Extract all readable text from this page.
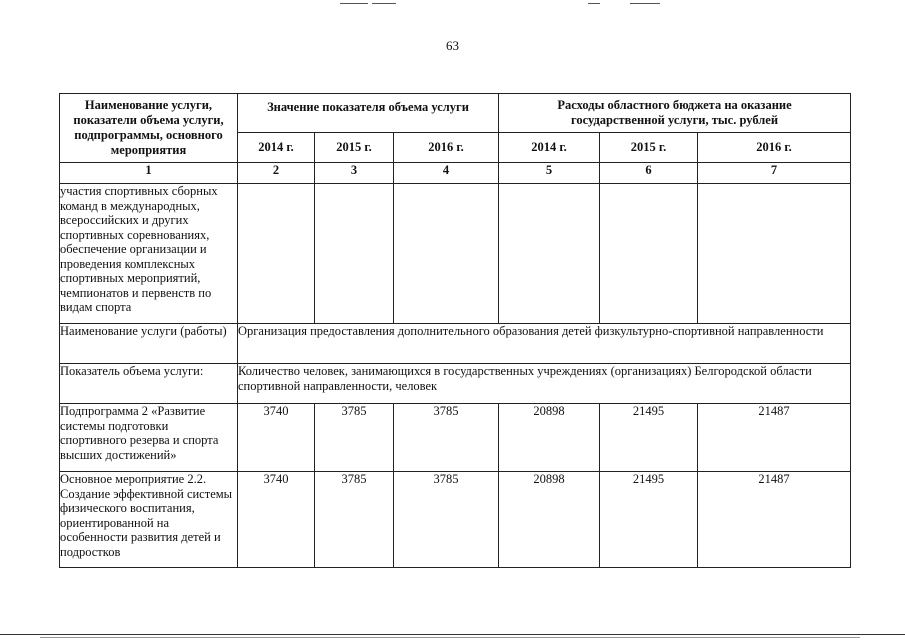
63
Наименование услуги, показатели объема услуги, подпрограммы, основного мероприятия	Значение показателя объема услуги			Расходы областного бюджета на оказание государственной услуги, тыс. рублей		
	2014 г.	2015 г.	2016 г.	2014 г.	2015 г.	2016 г.
1	2	3	4	5	6	7
участия спортивных сборных команд в международных, всероссийских и других спортивных соревнованиях, обеспечение организации и проведения комплексных спортивных мероприятий, чемпионатов и первенств по видам спорта						
Наименование услуги (работы)	Организация предоставления дополнительного образования детей физкультурно-спортивной направленности					
Показатель объема услуги:	Количество человек, занимающихся в государственных учреждениях (организациях) Белгородской области спортивной направленности, человек					
Подпрограмма 2 «Развитие системы подготовки спортивного резерва и спорта высших достижений»	3740	3785	3785	20898	21495	21487
Основное мероприятие 2.2. Создание эффективной системы физического воспитания, ориентированной на особенности развития детей и подростков	3740	3785	3785	20898	21495	21487
